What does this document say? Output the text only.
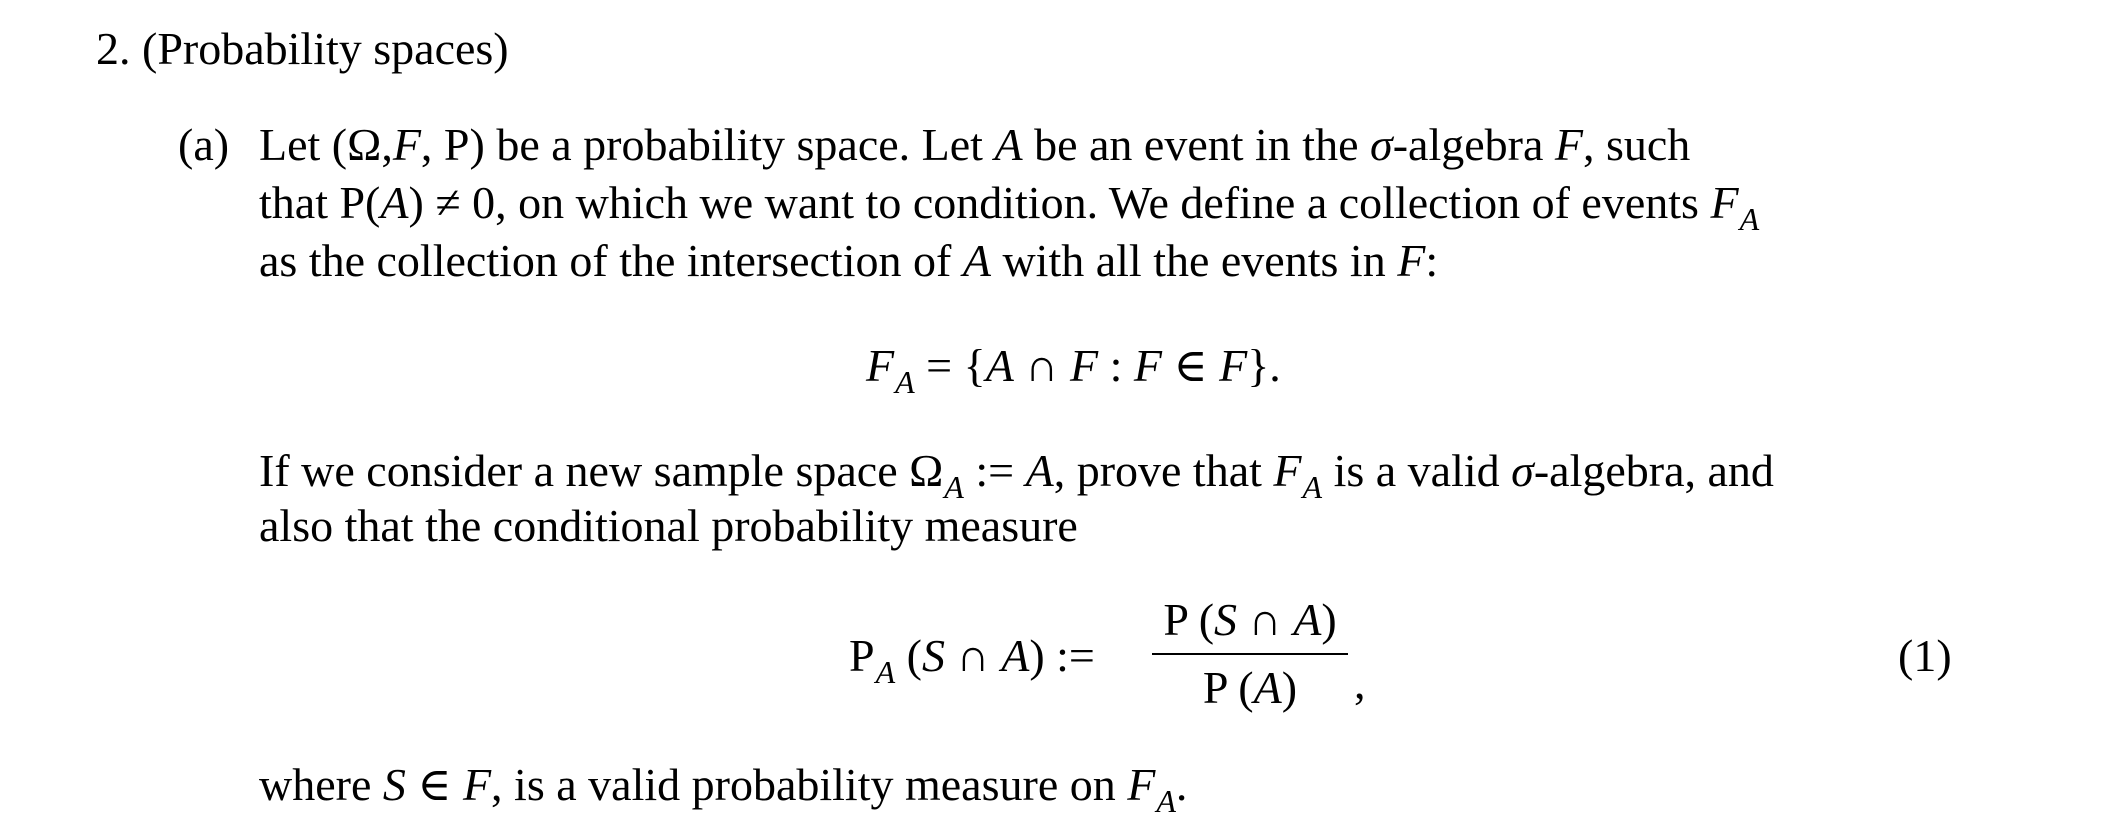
2. (Probability spaces)
(a) Let (Ω,F, P) be a probability space. Let A be an event in the σ-algebra F, such
that P(A) ≠ 0, on which we want to condition. We define a collection of events $F_A$
as the collection of the intersection of A with all the events in F:
$F_A = \{A$ ∩ F : F ∈ F}.
If we consider a new sample space $\Omega_A$ := A, prove that $F_A$ is a valid σ-algebra, and
also that the conditional probability measure
$P_A$ (S ∩ A) :=
P (S ∩ A)
P (A)	,
(1)
where S ∈ F, is a valid probability measure on $F_A$.
